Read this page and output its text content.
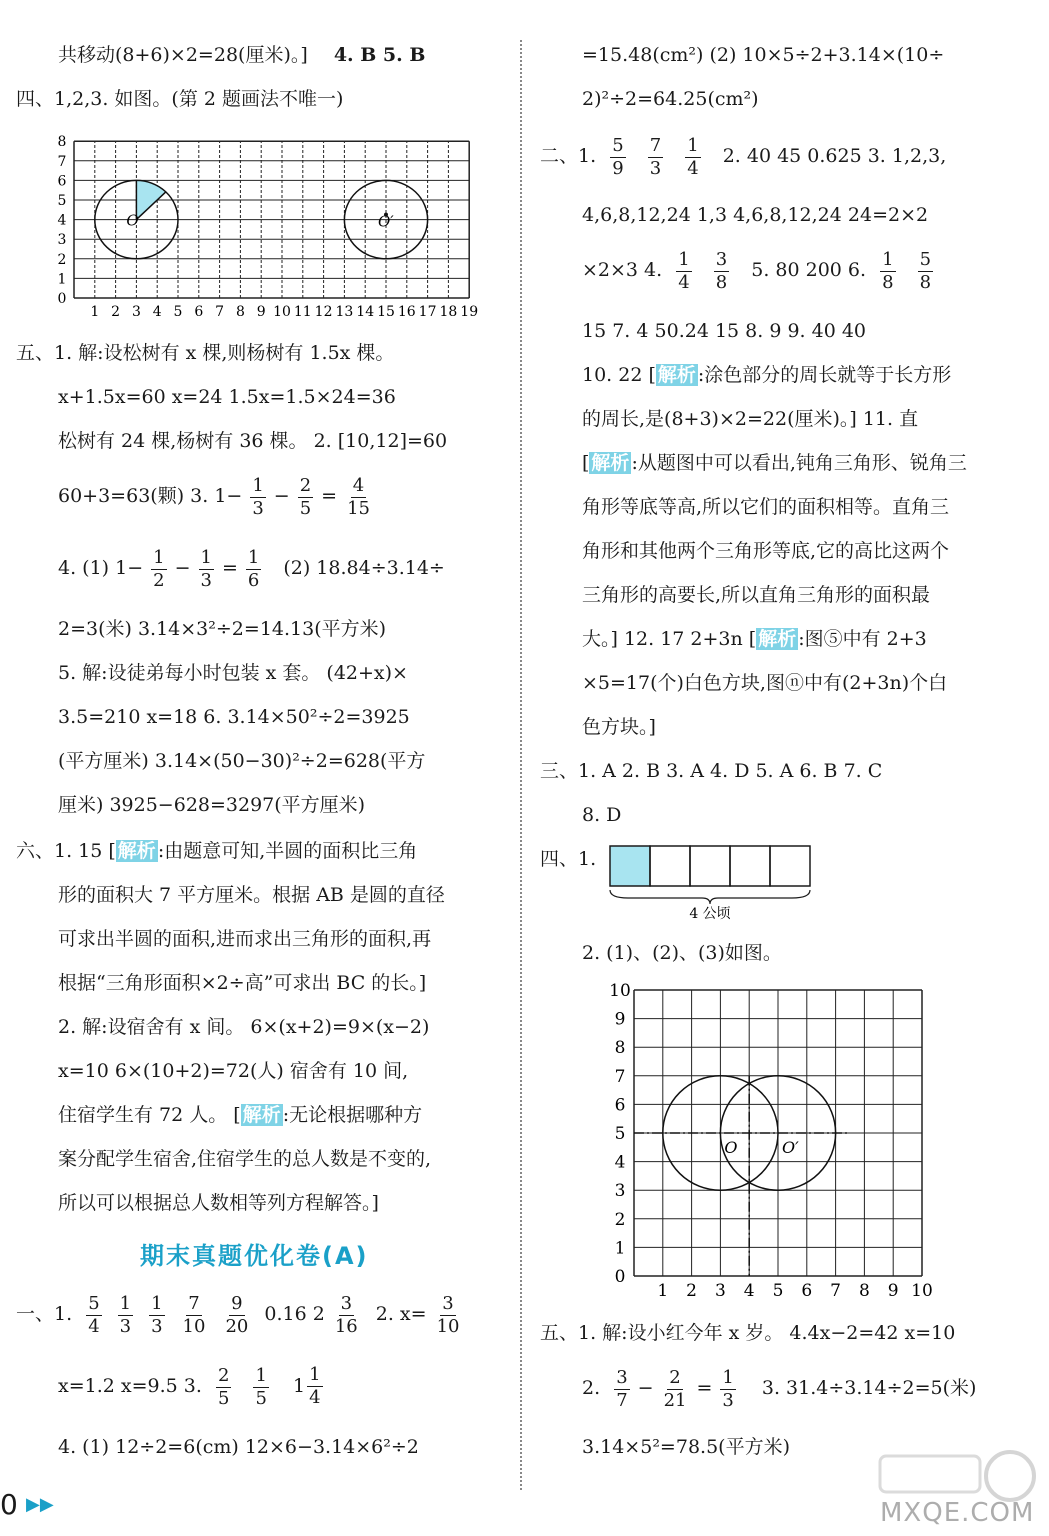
共移动(8+6)×2=28(厘米)。] 4. B 5. B
四、1,2,3. 如图。(第 2 题画法不唯一)
0
1
2
3
4
5
6
7
8
1 2 3 4 5 6 7 8 9 10 11 12 13 14 15 16 17 18 19
O	O′
五、1. 解:设松树有 x 棵,则杨树有 1.5x 棵。
x+1.5x=60 x=24 1.5x=1.5×24=36
松树有 24 棵,杨树有 36 棵。 2. [10,12]=60
60+3=63(颗) 3. $1- \frac{1}{3} - \frac{2}{5} = \frac{4}{15}$
4. (1) $1- \frac{1}{2} - \frac{1}{3} = \frac{1}{6} (2)$ 18.84÷3.14÷
2=3(米) 3.14×3²÷2=14.13(平方米)
5. 解:设徒弟每小时包装 x 套。 (42+x)×
3.5=210 x=18 6. 3.14×50²÷2=3925
(平方厘米) 3.14×(50−30)²÷2=628(平方
厘米) 3925−628=3297(平方厘米)
六、1. 15 [ 解析 :由题意可知,半圆的面积比三角
形的面积大 7 平方厘米。根据 AB 是圆的直径
可求出半圆的面积,进而求出三角形的面积,再
根据“三角形面积×2÷高”可求出 BC 的长。]
2. 解:设宿舍有 x 间。 6×(x+2)=9×(x−2)
x=10 6×(10+2)=72(人) 宿舍有 10 间,
住宿学生有 72 人。 [ 解析 :无论根据哪种方
案分配学生宿舍,住宿学生的总人数是不变的,
所以可以根据总人数相等列方程解答。]
期末真题优化卷(A)
一、1. $\frac{5}{4} \frac{1}{3} \frac{1}{3} \frac{7}{10} \frac{9}{20} 0.16$ $2 \frac{3}{16} 2$. $x= \frac{3}{10}$
x=1.2 x=9.5 3. $\frac{2}{5}$
$\frac{1}{5}$
$1 \frac{1}{4}$
4. (1) 12÷2=6(cm) 12×6−3.14×6²÷2
=15.48(cm²) (2) 10×5÷2+3.14×(10÷
2)²÷2=64.25(cm²)
二、1. $\frac{5}{9}$
$\frac{7}{3}$
$\frac{1}{4} 2$. 40 45 0.625 3. 1,2,3,
4,6,8,12,24 1,3 4,6,8,12,24 24=2×2
×2×3 4. $\frac{1}{4}$
$\frac{3}{8} 5$. 80 200 6. $\frac{1}{8}$
$\frac{5}{8}$
15 7. 4 50.24 15 8. 9 9. 40 40
10. 22 [ 解析 :涂色部分的周长就等于长方形
的周长,是(8+3)×2=22(厘米)。] 11. 直
[ 解析 :从题图中可以看出,钝角三角形、锐角三
角形等底等高,所以它们的面积相等。直角三
角形和其他两个三角形等底,它的高比这两个
三角形的高要长,所以直角三角形的面积最
大。] 12. 17 2+3n [ 解析 :图⑤中有 2+3
×5=17(个)白色方块,图ⓝ中有(2+3n)个白
色方块。]
三、1. A 2. B 3. A 4. D 5. A 6. B 7. C
8. D
四、1.
4 公顷
2. (1)、(2)、(3)如图。
0
1
2
3
4
5
6
7
8
9
10
1 2 3 4 5 6 7 8 9 10
O	O′
五、1. 解:设小红今年 x 岁。 4.4x−2=42 x=10
2. $\frac{3}{7} - \frac{2}{21} = \frac{1}{3} 3$. 31.4÷3.14÷2=5(米)
3.14×5²=78.5(平方米)
0 ▶▶	MXQE.COM
